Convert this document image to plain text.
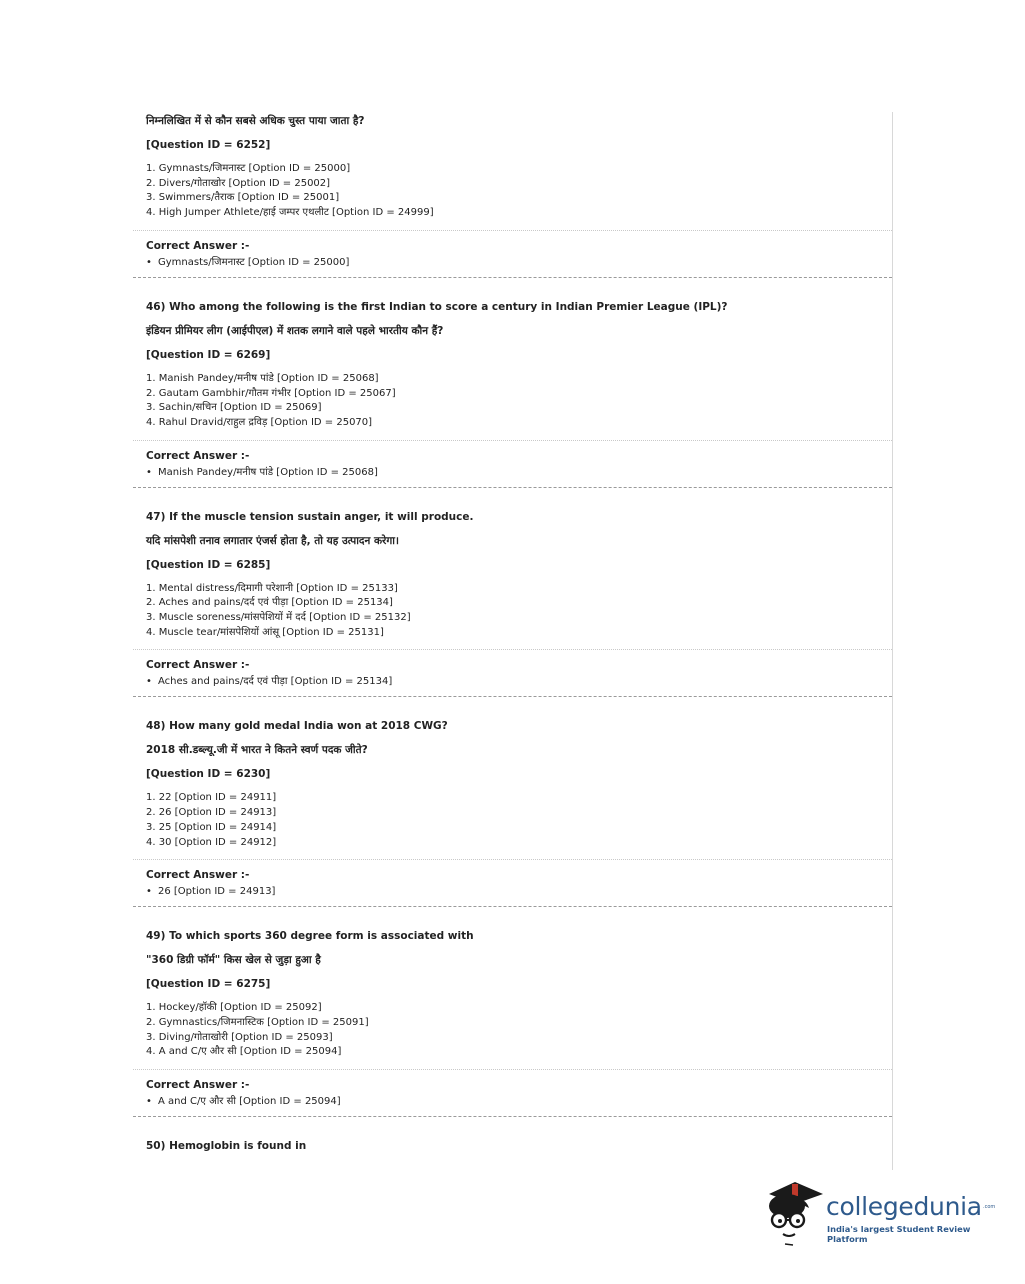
निम्नलिखित में से कौन सबसे अधिक चुस्त पाया जाता है?

[Question ID = 6252]

1. Gymnasts/जिमनास्ट [Option ID = 25000]
2. Divers/गोताखोर [Option ID = 25002]
3. Swimmers/तैराक [Option ID = 25001]
4. High Jumper Athlete/हाई जम्पर एथलीट [Option ID = 24999]

Correct Answer :-

• Gymnasts/जिमनास्ट [Option ID = 25000]

46) Who among the following is the first Indian to score a century in Indian Premier League (IPL)?

इंडियन प्रीमियर लीग (आईपीएल) में शतक लगाने वाले पहले भारतीय कौन हैं?

[Question ID = 6269]

1. Manish Pandey/मनीष पांडे [Option ID = 25068]
2. Gautam Gambhir/गौतम गंभीर [Option ID = 25067]
3. Sachin/सचिन [Option ID = 25069]
4. Rahul Dravid/राहुल द्रविड़ [Option ID = 25070]

Correct Answer :-

• Manish Pandey/मनीष पांडे [Option ID = 25068]

47) If the muscle tension sustain anger, it will produce.

यदि मांसपेशी तनाव लगातार एंजर्स होता है, तो यह उत्पादन करेगा।

[Question ID = 6285]

1. Mental distress/दिमागी परेशानी [Option ID = 25133]
2. Aches and pains/दर्द एवं पीड़ा [Option ID = 25134]
3. Muscle soreness/मांसपेशियों में दर्द [Option ID = 25132]
4. Muscle tear/मांसपेशियों आंसू [Option ID = 25131]

Correct Answer :-

• Aches and pains/दर्द एवं पीड़ा [Option ID = 25134]

48) How many gold medal India won at 2018 CWG?

2018 सी.डब्ल्यू.जी में भारत ने कितने स्वर्ण पदक जीते?

[Question ID = 6230]

1. 22 [Option ID = 24911]
2. 26 [Option ID = 24913]
3. 25 [Option ID = 24914]
4. 30 [Option ID = 24912]

Correct Answer :-

• 26 [Option ID = 24913]

49) To which sports 360 degree form is associated with

"360 डिग्री फॉर्म" किस खेल से जुड़ा हुआ है

[Question ID = 6275]

1. Hockey/हॉकी [Option ID = 25092]
2. Gymnastics/जिमनास्टिक [Option ID = 25091]
3. Diving/गोताखोरी [Option ID = 25093]
4. A and C/ए और सी [Option ID = 25094]

Correct Answer :-

• A and C/ए और सी [Option ID = 25094]

50) Hemoglobin is found in

collegedunia .com
India's largest Student Review Platform
